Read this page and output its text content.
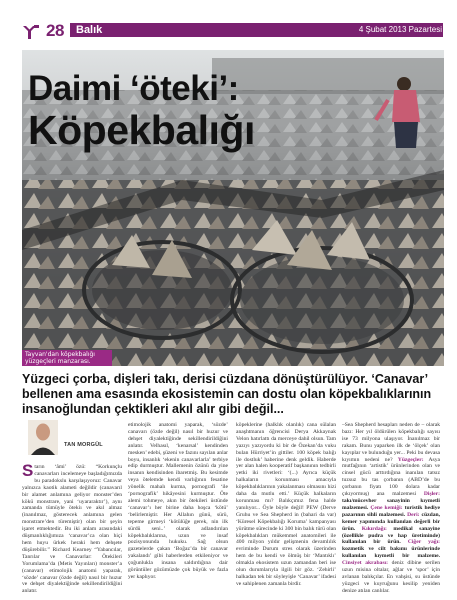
28 Balık	4 Şubat 2013 Pazartesi
Daimi ‘öteki’:
Köpekbalığı
Tayvan'dan köpekbalığı yüzgeçleri manzarası.

Yüzgeci çorba, dişleri takı, derisi cüzdana dönüştürülüyor. ‘Canavar’ bellenen ama esasında ekosistemin can dostu olan köpekbalıklarının insanoğlundan çektikleri akıl alır gibi değil...

TAN MORGÜL
Starın ‘âmi’ özü: “Korkunçlu canavarları incelemeye başladığımızda bu paradokslu karşılaşıyoruz: Canavar yalnızca kaotik alameti değildir (canavarıl bir alamet anlamına geliyor monster’den kökü monstrare, yani ‘uyararaktır’), aynı zamanda tümüyle ötekiı ve akıl almaz (inanılmaz, gösterecek anlamına gelen monstrare’den türemiştir) olan bir şeyin işaret etmektedir. Bu iki anlam arasındaki düşmanlıklığımıza ‘canavar’ca olan hiçi hem huyu ürkek heraki hem dehşete düşürebilir.” Richard Kearney “Yabancılar, Tanrılar ve Canavarlar: Ötekileri Yorumlama’da (Metis Yayınları) monster’a (canavar) etimolojik anatomi yaparak, ‘sözde’ canavar (özde değil) nasıl bir huzur ve dehşet diyalektiğinde sekillendirildiğini anlatır.
etimolojik anatomi yaparak, ‘sözde’ canavarı (özde değil) nasıl bir huzur ve dehşet diyalektiğinde sekillendirildiğini anlatır. Velhasıl, ‘kenarsal’ kendinden mesken’ edebi, şüzeni ve fazını sayılan anlar boyu, insanlık ‘ekenin canavarlarla’ terbiye edip durmuştur. Mallemenin özünü da yine insanın kendisinden ibaretmiş. Bu kesimde veya ötelemde kendi varlığının fesatine yönelik mahalı kurma, pornografi ‘ile ‘pornografik’ hikâyesini kurmuştur. Öte alemi tohmeye, akın bir ötekileri üstünde ‘canavar’ı her birine daha hoşca ‘kötü’ ‘belirlemiştir. Her Allahın günü, sürü, tepeme girmeyi ‘kötülüğe gerek, nin ilk sürdü seni..’ olarak adlandırılan köpekbalıklarına, uzun ve insaf pozisyonunda hukuku. Sağ olsun gazetelerde çakan ‘Boğaz’da bir canavar yakalandı’ gibi haberlerden etkileniyor ve çoğunlukla insana saldırdığına dair görüntüler gözümüzde çok büyük ve fazla yer kaplıyor.
köpeklerine (halklık olanlık) cana sülalan anaşhtmanın öğrencisi Derya Akkaynak Velon hatırlattı da merceye dahil olsun. Tam yazıyı yazıyordu ki bir de Özekan’da vuku bulan Hürriyet’in gittiler. 100 köpek balığı ile dostluk’ haberine denk geldik. Haberde yer alan halen kooperatif başkanının tedbirli yetki iki rivetleri: ‘(...) Ayrıca küçük halkaların korunması amacıyla köpekbalıklarının yakalanması olmasını hizi daha da mutlu etti.’ Küçük halkaların korunması mı? Balıkçımız fena halde yanılıyor... Öyle böyle değil! PEW (Derve Gruhu ve Sea Shepherd in (bahari da var) ‘Küresel Köpekbalığı Koruma’ kampanyası yürütme sürecinde ki 300 bin balık türü olan köpekbalıkları mükemmel anatomileri ile 400 milyon yıldır gelişmenin devamlılık evriminde Durum stres olarak üzerinden hem de bu kendi ve ölmüş bir ‘Mantıklı’ olmakla ekosistem uzun zamandan beri ise olun durumlarıyla ilgili bir göz. ‘Zehirli’ halkadan tek bir söyleyişle ‘Canavar’ ifadesi ve sahiplenen zamanla birdir.
‒Sea Shepherd hesapları neden de ‒ olarak bazı: Her yıl öldürülen köpekbalığı sayısı ise 73 milyona ulaşıyor. İnanılmaz bir rakam. Bunu yaparken ilk de ‘ölçek’ olan kayıplar ve bulunduğu yer... Peki bu devasa kıyımın nedeni ne? Yüzgeçler: Asya mutfağının ‘artistik’ ürünlerinden olan ve cinsel gücü arttırdığına inanılan tatsız tuzsuz bu tas çorbanın (ABD’de bu çorbanın fiyatı 100 dolara kadar çıkıyormuş) ana malzemesi Dişler: takı/mücevher sanayinin kıymetli malzemesi. Çene kemiği: turistik hediye pazarının sihli malzemesi. Deri: cüzdan, kemer yapımında kullanılan değerli bir ürün. Kıkırdağı: medikal sanayine (özellikle pudra ve hap üretiminde) kullanılan bir ürün. Ciğer yağı: kozmetik ve cilt bakımı ürünlerinde kullanılan kıymetli bir malzeme. Cinsiyet akrabası: deniz dibine serilen uzun misina oltalar, ağlar ve ‘spor’ için avlanan balıkçılar. En vahşisi, su üstünde yüzgeci ve kuyruğunu kesilip yeniden denize atılan canlılar.
